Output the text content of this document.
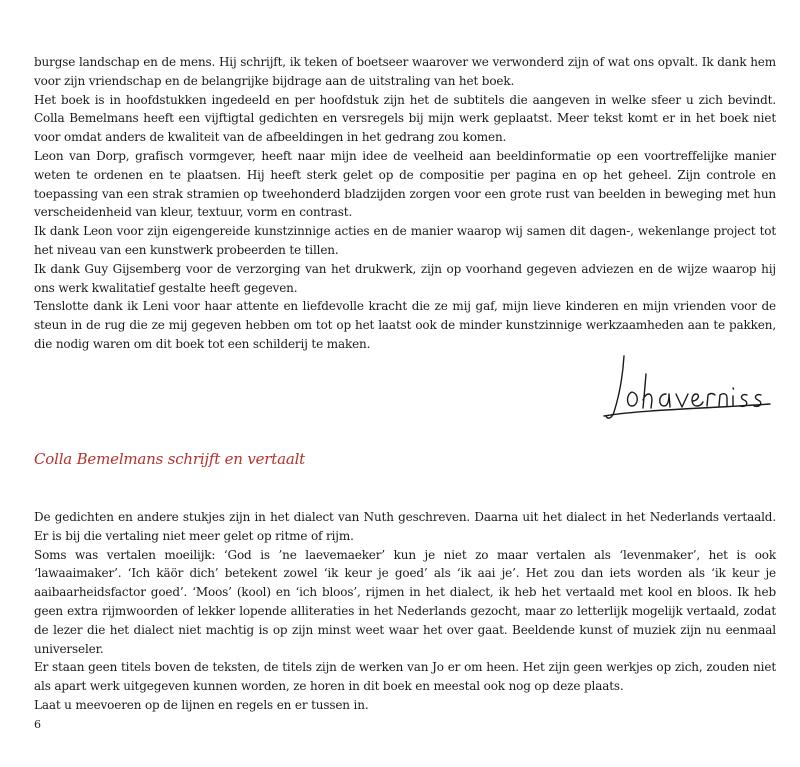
burgse landschap en de mens. Hij schrijft, ik teken of boetseer waarover we verwonderd zijn of wat ons opvalt. Ik dank hem voor zijn vriendschap en de belangrijke bijdrage aan de uitstraling van het boek.

Het boek is in hoofdstukken ingedeeld en per hoofdstuk zijn het de subtitels die aangeven in welke sfeer u zich bevindt. Colla Bemelmans heeft een vijftigtal gedichten en versregels bij mijn werk geplaatst. Meer tekst komt er in het boek niet voor omdat anders de kwaliteit van de afbeeldingen in het gedrang zou komen.

Leon van Dorp, grafisch vormgever, heeft naar mijn idee de veelheid aan beeldinformatie op een voortreffelijke manier weten te ordenen en te plaatsen. Hij heeft sterk gelet op de compositie per pagina en op het geheel. Zijn controle en toepassing van een strak stramien op tweehonderd bladzijden zorgen voor een grote rust van beelden in beweging met hun verscheidenheid van kleur, textuur, vorm en contrast.

Ik dank Leon voor zijn eigengereide kunstzinnige acties en de manier waarop wij samen dit dagen-, wekenlange project tot het niveau van een kunstwerk probeerden te tillen.

Ik dank Guy Gijsemberg voor de verzorging van het drukwerk, zijn op voorhand gegeven adviezen en de wijze waarop hij ons werk kwalitatief gestalte heeft gegeven.

Tenslotte dank ik Leni voor haar attente en liefdevolle kracht die ze mij gaf, mijn lieve kinderen en mijn vrienden voor de steun in de rug die ze mij gegeven hebben om tot op het laatst ook de minder kunstzinnige werkzaamheden aan te pakken, die nodig waren om dit boek tot een schilderij te maken.

Colla Bemelmans schrijft en vertaalt

De gedichten en andere stukjes zijn in het dialect van Nuth geschreven. Daarna uit het dialect in het Nederlands vertaald. Er is bij die vertaling niet meer gelet op ritme of rijm.

Soms was vertalen moeilijk: ‘God is ’ne laevemaeker’ kun je niet zo maar vertalen als ‘levenmaker’, het is ook ‘lawaaimaker’. ‘Ich käör dich’ betekent zowel ‘ik keur je goed’ als ‘ik aai je’. Het zou dan iets worden als ‘ik keur je aaibaarheidsfactor goed’. ‘Moos’ (kool) en ‘ich bloos’, rijmen in het dialect, ik heb het vertaald met kool en bloos. Ik heb geen extra rijmwoorden of lekker lopende alliteraties in het Nederlands gezocht, maar zo letterlijk mogelijk vertaald, zodat de lezer die het dialect niet machtig is op zijn minst weet waar het over gaat. Beeldende kunst of muziek zijn nu eenmaal universeler.

Er staan geen titels boven de teksten, de titels zijn de werken van Jo er om heen. Het zijn geen werkjes op zich, zouden niet als apart werk uitgegeven kunnen worden, ze horen in dit boek en meestal ook nog op deze plaats.

Laat u meevoeren op de lijnen en regels en er tussen in.

6
